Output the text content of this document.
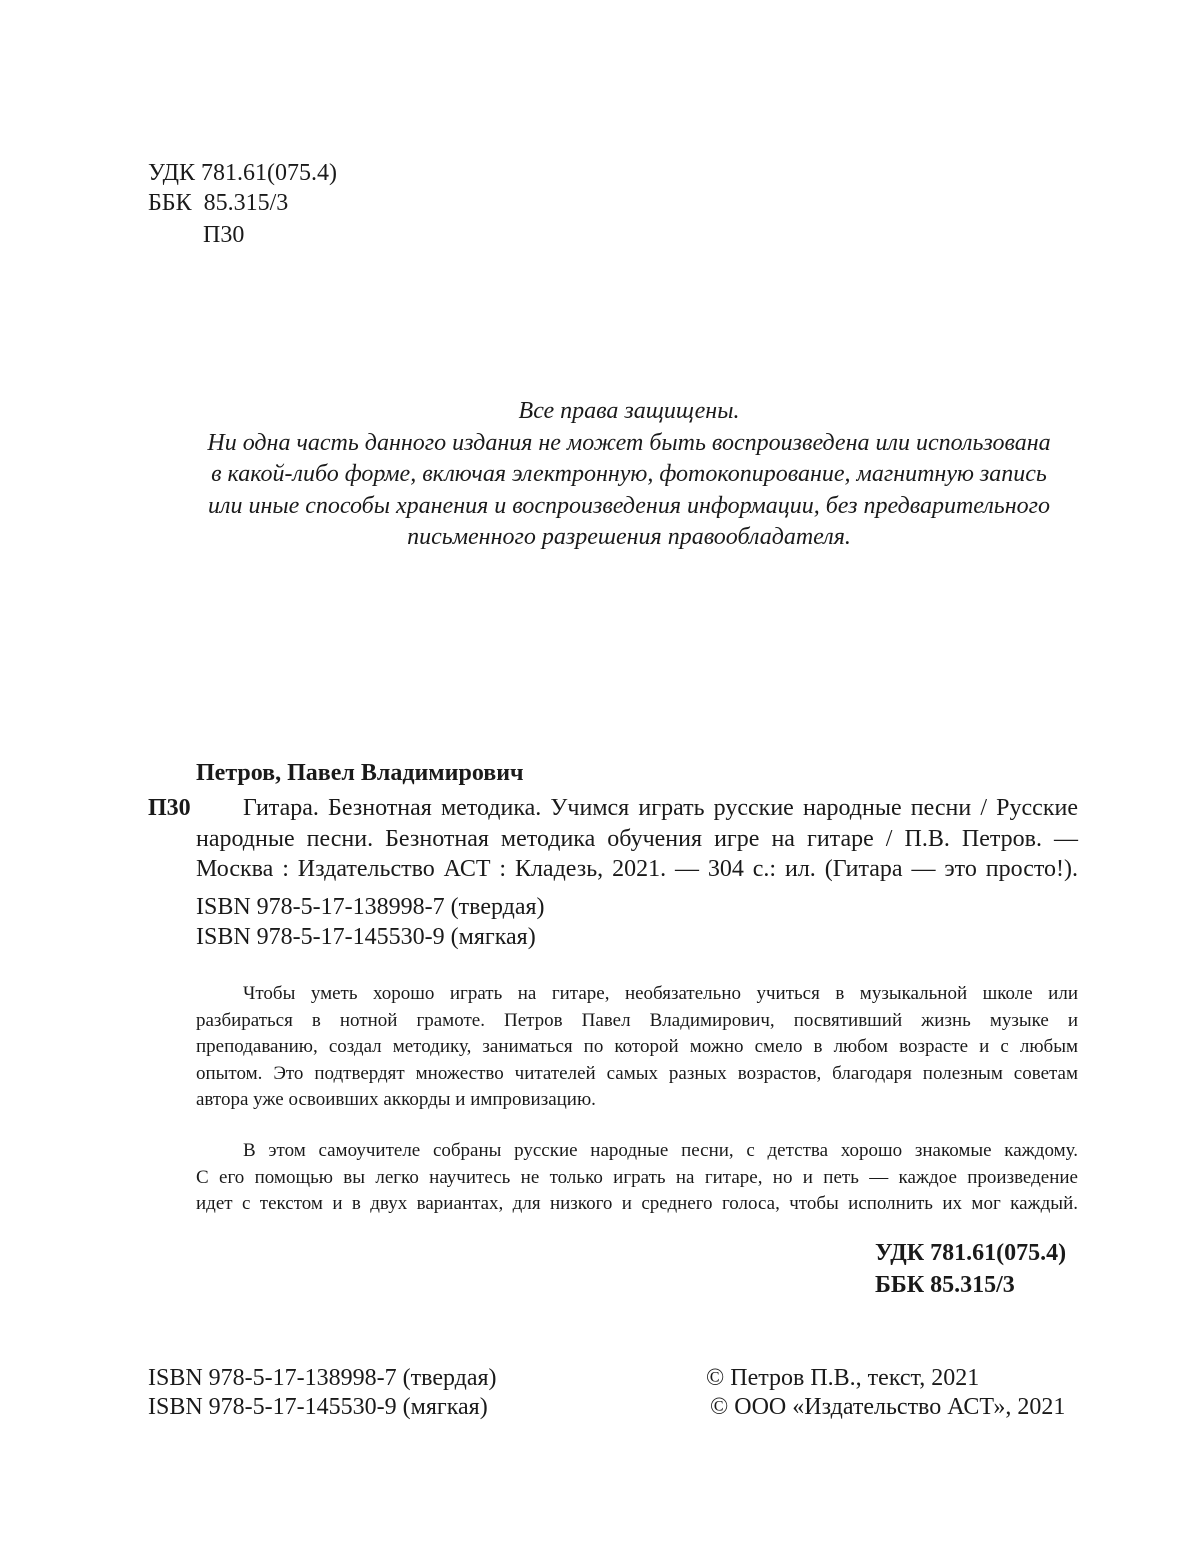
УДК 781.61(075.4)
ББК  85.315/3
П30
Все права защищены.
Ни одна часть данного издания не может быть воспроизведена или использована
в какой-либо форме, включая электронную, фотокопирование, магнитную запись
или иные способы хранения и воспроизведения информации, без предварительного
письменного разрешения правообладателя.
Петров, Павел Владимирович
П30	Гитара. Безнотная методика. Учимся играть русские народные песни / Русские
народные песни. Безнотная методика обучения игре на гитаре / П.В. Петров. —
Москва : Издательство АСТ : Кладезь, 2021. — 304 с.: ил. (Гитара — это просто!).
ISBN 978-5-17-138998-7 (твердая)
ISBN 978-5-17-145530-9 (мягкая)
Чтобы уметь хорошо играть на гитаре, необязательно учиться в музыкальной школе или
разбираться в нотной грамоте. Петров Павел Владимирович, посвятивший жизнь музыке и
преподаванию, создал методику, заниматься по которой можно смело в любом возрасте и с любым
опытом. Это подтвердят множество читателей самых разных возрастов, благодаря полезным советам
автора уже освоивших аккорды и импровизацию.
В этом самоучителе собраны русские народные песни, с детства хорошо знакомые каждому.
С его помощью вы легко научитесь не только играть на гитаре, но и петь — каждое произведение
идет с текстом и в двух вариантах, для низкого и среднего голоса, чтобы исполнить их мог каждый.
УДК 781.61(075.4)
ББК 85.315/3
ISBN 978-5-17-138998-7 (твердая)
ISBN 978-5-17-145530-9 (мягкая)
© Петров П.В., текст, 2021
© ООО «Издательство АСТ», 2021
